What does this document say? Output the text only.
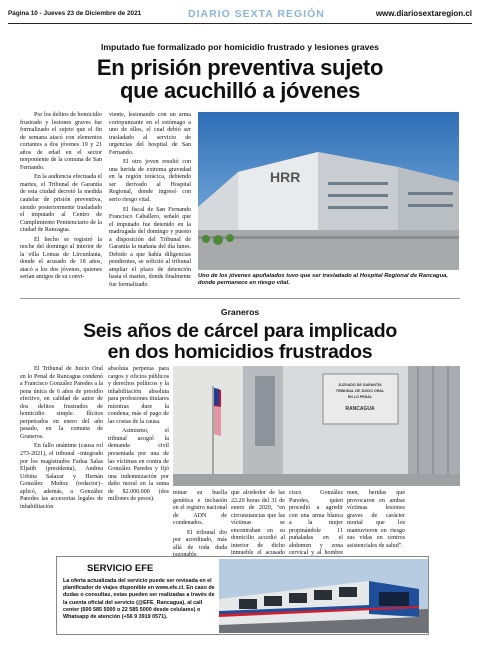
Página 10 - Jueves 23 de Diciembre de 2021	DIARIO SEXTA REGIÓN	www.diariosextaregion.cl
Imputado fue formalizado por homicidio frustrado y lesiones graves
En prisión preventiva sujeto
que acuchilló a jóvenes

Por los delitos de homicidio frustrado y lesiones graves fue formalizado el sujeto que el fin de semana atacó con elementos cortantes a dos jóvenes 19 y 21 años de edad en el sector norponiente de la comuna de San Fernando.

En la audiencia efectuada el martes, el Tribunal de Garantía de esta ciudad decretó la medida cautelar de prisión preventiva, siendo posteriormente trasladado el imputado al Centro de Cumplimiento Penitenciario de la ciudad de Rancagua.

El hecho se registró la noche del domingo al interior de la villa Lomas de Lircunlauta, donde el acusado de 18 años, atacó a los dos jóvenes, quienes serían amigos de su convi-

viente, lesionando con un arma cortopunzante en el estómago a uno de ellos, el cual debió ser trasladado al servicio de urgencias del hospital de San Fernando.

El otro joven resultó con una herida de extrema gravedad en la región torácica, debiendo ser derivado al Hospital Regional, donde ingresó con serio riesgo vital.

El fiscal de San Fernando Francisco Caballero, señaló que el imputado fue detenido en la madrugada del domingo y puesto a disposición del Tribunal de Garantía la mañana del día lunes. Debido a que había diligencias pendientes, se solicitó al tribunal ampliar el plazo de detención hasta el martes, donde finalmente fue formalizado.

HRR
Uno de los jóvenes apuñalados tuvo que ser trasladado al Hospital Regional de Rancagua, donde permanece en riesgo vital.
Graneros
Seis años de cárcel para implicado
en dos homicidios frustrados

El Tribunal de Juicio Oral en lo Penal de Rancagua condenó a Francisco González Paredes a la pena única de 6 años de presidio efectivo, en calidad de autor de dos delitos frustrados de homicidio simple. Ilícitos perpetrados en enero del año pasado, en la comuna de Graneros.

En fallo unánime (causa rol 273-2021), el tribunal –integrado por los magistrados Fadua Salas Eljatib (presidenta), Andrea Urbina Salazar y Hernán González Muñoz (redactor)– aplicó, además, a González Paredes las accesorias legales de inhabilitación

absoluta perpetua para cargos y oficios públicos y derechos políticos y la inhabilitación absoluta para profesiones titulares mientras dure la condena; más el pago de las costas de la causa.

Asimismo, el tribunal acogió la demanda civil presentada por una de las víctimas en contra de González Paredes y fijó una indemnización por daño moral en la suma de $2.000.000 (dos millones de pesos).

JUZGADO DE GARANTÍA
TRIBUNAL DE JUICIO ORAL
EN LO PENAL
RANCAGUA

minar su huella genética e inclusión en el registro nacional de ADN de condenados.

El tribunal dio por acreditado, más allá de toda duda

que alrededor de las 22.20 horas del 31 de enero de 2020, "en circunstancias que las víctimas se encontraban en su domicilio accedió al interior de dicho inmueble el acusado
cisco González Paredes, quien procedió a agredir con una arma blanca a la mujer propinándole 11 puñaladas en el abdomen y zona cervical y al hombre
men, heridas que provocaron en ambas víctimas lesiones graves de carácter mortal que los mantuvieron en riesgo sus vidas en centros asistenciales de salud".
SERVICIO EFE
La oferta actualizada del servicio puede ser revisada en el planificador de viajes disponible en www.efe.cl. En caso de dudas o consultas, estas pueden ser realizadas a través de la cuenta oficial del servicio (@EFE_Rancagua), al call center (600 585 5000 o 22 585 5000 desde celulares) o Whatsapp de atención (+56 9 3919 0571).
